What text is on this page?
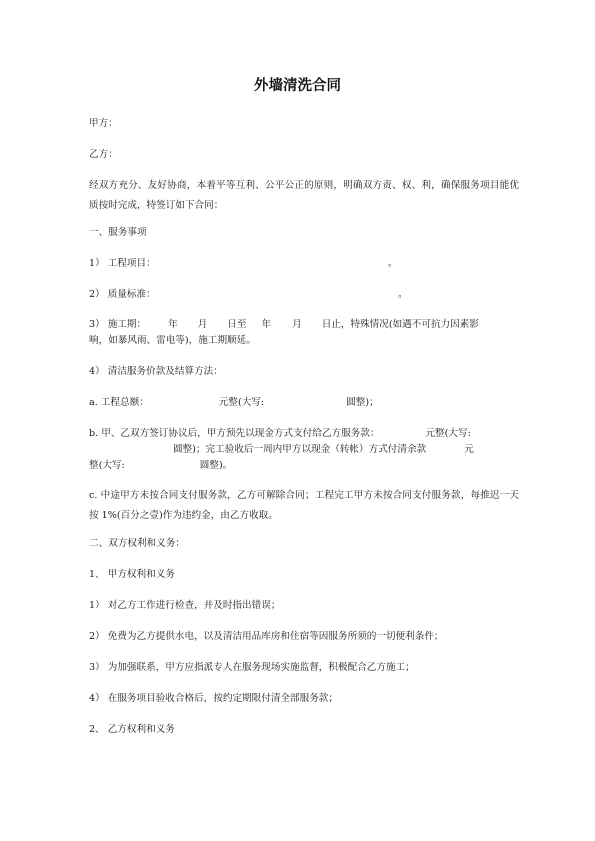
外墙清洗合同
甲方：
乙方：
经双方充分、友好协商，本着平等互利、公平公正的原则，明确双方责、权、利，确保服务项目能优质按时完成，特签订如下合同：
一、服务事项
1） 工程项目：	。
2） 质量标准：	。
3） 施工期： 年 月 日至 年 月 日止，特殊情况(如遇不可抗力因素影
响，如暴风雨、雷电等)，施工期顺延。
4） 清洁服务价款及结算方法：
a. 工程总额：	元整(大写:	圆整)；
b. 甲、乙双方签订协议后，甲方预先以现金方式支付给乙方服务款：	元整(大写:
圆整)；完工验收后一周内甲方以现金（转帐）方式付清余款	元
整(大写:	圆整)。
c. 中途甲方未按合同支付服务款，乙方可解除合同；工程完工甲方未按合同支付服务款，每推迟一天按 1%(百分之壹)作为违约金，由乙方收取。
二、双方权利和义务：
1、 甲方权利和义务
1） 对乙方工作进行检查，并及时指出错误；
2） 免费为乙方提供水电，以及清洁用品库房和住宿等因服务所须的一切便利条件；
3） 为加强联系，甲方应指派专人在服务现场实施监督，积极配合乙方施工；
4） 在服务项目验收合格后，按约定期限付清全部服务款；
2、 乙方权利和义务
